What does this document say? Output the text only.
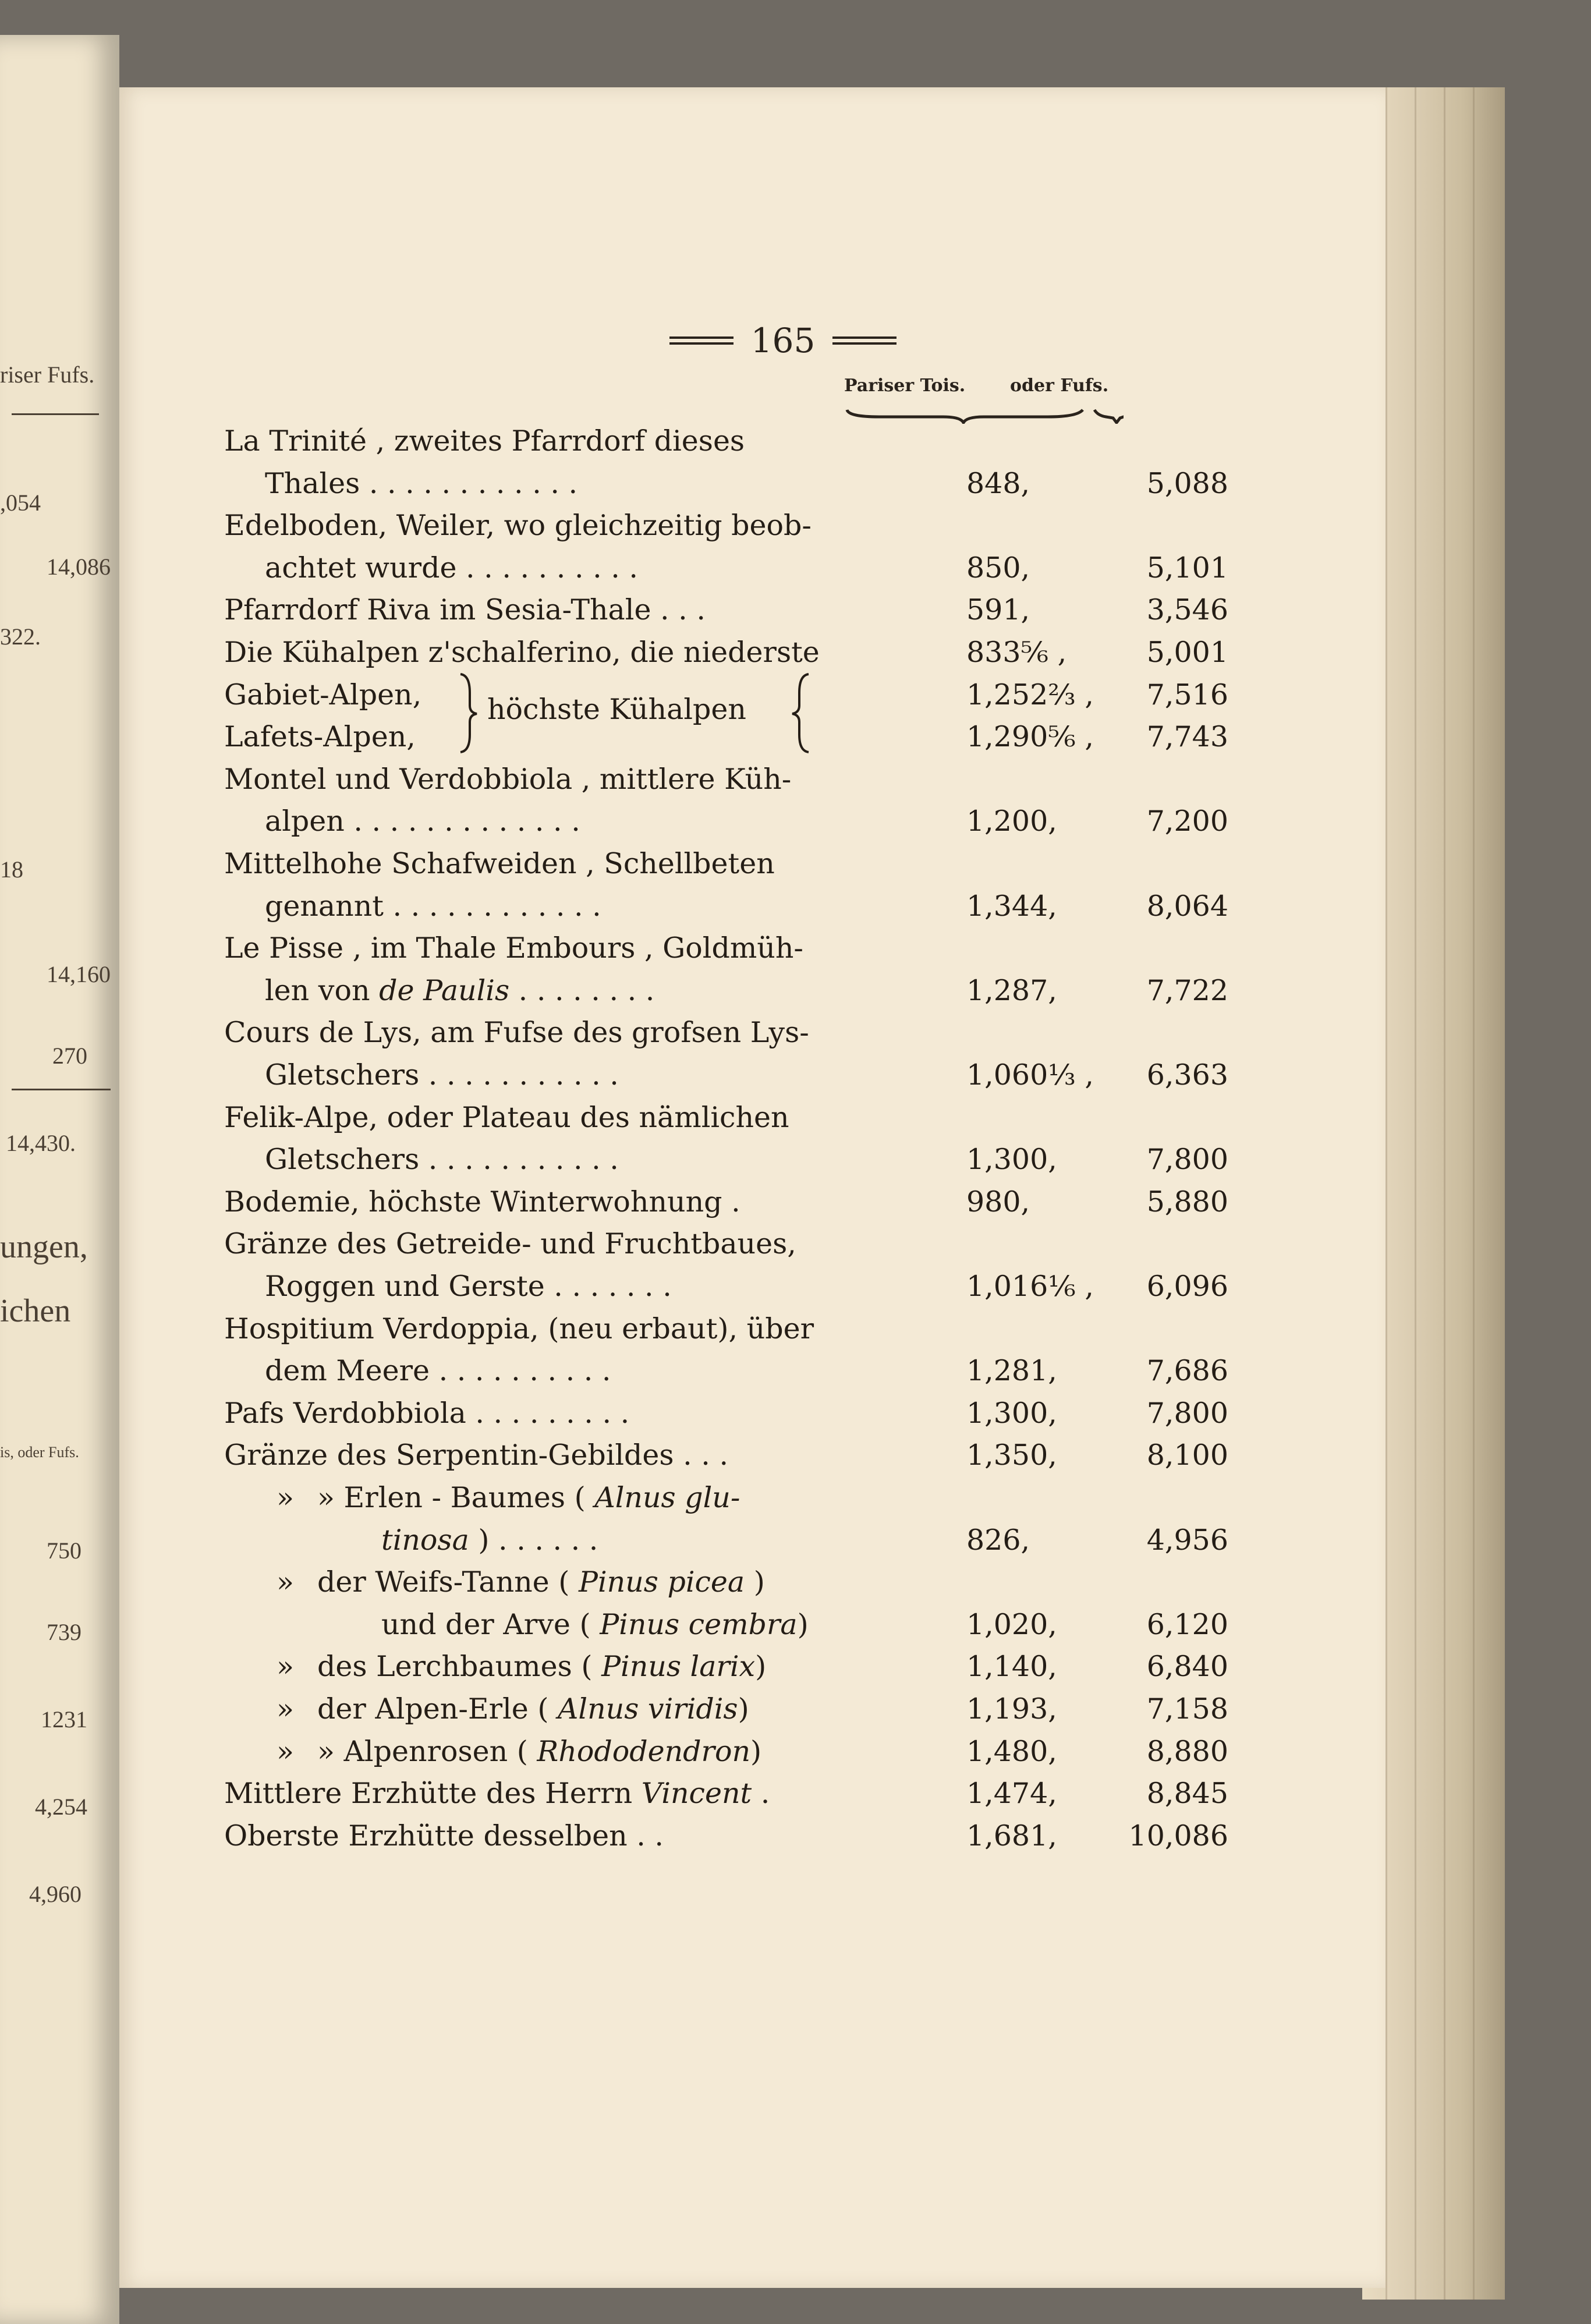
riser Fufs.
,054
14,086
322.
18
14,160
270
14,430.
ungen,
ichen
is, oder Fufs.
750
739
1231
4,254
4,960
165
Pariser Tois.	oder Fufs.
La Trinité , zweites Pfarrdorf dieses
Thales . . . . . . . . . . . .	848,	5,088
Edelboden, Weiler, wo gleichzeitig beob-
achtet wurde . . . . . . . . . .	850,	5,101
Pfarrdorf Riva im Sesia-Thale . . .	591,	3,546
Die Kühalpen z'schalferino, die niederste	833⅚ ,	5,001
Gabiet-Alpen,	1,252⅔ ,	7,516
Lafets-Alpen,	1,290⅚ ,	7,743
Montel und Verdobbiola , mittlere Küh-
alpen . . . . . . . . . . . . .	1,200,	7,200
Mittelhohe Schafweiden , Schellbeten
genannt . . . . . . . . . . . .	1,344,	8,064
Le Pisse , im Thale Embours , Goldmüh-
len von de Paulis . . . . . . . .	1,287,	7,722
Cours de Lys, am Fufse des grofsen Lys-
Gletschers . . . . . . . . . . .	1,060⅓ ,	6,363
Felik-Alpe, oder Plateau des nämlichen
Gletschers . . . . . . . . . . .	1,300,	7,800
Bodemie, höchste Winterwohnung .	980,	5,880
Gränze des Getreide- und Fruchtbaues,
Roggen und Gerste . . . . . . .	1,016⅙ ,	6,096
Hospitium Verdoppia, (neu erbaut), über
dem Meere . . . . . . . . . .	1,281,	7,686
Pafs Verdobbiola . . . . . . . . .	1,300,	7,800
Gränze des Serpentin-Gebildes . . .	1,350,	8,100
» » Erlen - Baumes ( Alnus glu-
tinosa ) . . . . . .	826,	4,956
» der Weifs-Tanne ( Pinus picea )
und der Arve ( Pinus cembra)	1,020,	6,120
» des Lerchbaumes ( Pinus larix)	1,140,	6,840
» der Alpen-Erle ( Alnus viridis)	1,193,	7,158
» » Alpenrosen ( Rhododendron)	1,480,	8,880
Mittlere Erzhütte des Herrn Vincent .	1,474,	8,845
Oberste Erzhütte desselben . .	1,681,	10,086
höchste Kühalpen
